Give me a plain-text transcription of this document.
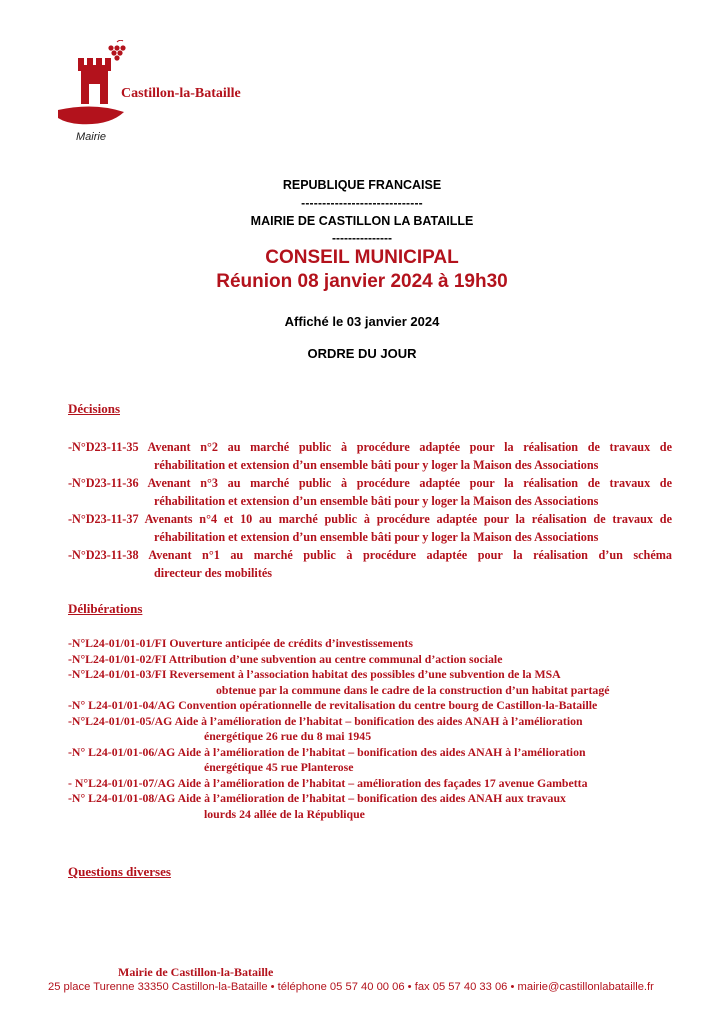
Castillon-la-Bataille
Mairie
REPUBLIQUE FRANCAISE
-----------------------------
MAIRIE DE CASTILLON LA BATAILLE
---------------
CONSEIL MUNICIPAL
Réunion 08 janvier 2024 à 19h30
Affiché le 03 janvier 2024
ORDRE DU JOUR
Décisions
-N°D23-11-35 Avenant n°2 au marché public à procédure adaptée pour la réalisation de travaux de
réhabilitation et extension d’un ensemble bâti pour y loger la Maison des Associations
-N°D23-11-36 Avenant n°3 au marché public à procédure adaptée pour la réalisation de travaux de
réhabilitation et extension d’un ensemble bâti pour y loger la Maison des Associations
-N°D23-11-37 Avenants n°4 et 10 au marché public à procédure adaptée pour la réalisation de travaux de
réhabilitation et extension d’un ensemble bâti pour y loger la Maison des Associations
-N°D23-11-38 Avenant n°1 au marché public à procédure adaptée pour la réalisation d’un schéma
directeur des mobilités
Délibérations
-N°L24-01/01-01/FI Ouverture anticipée de crédits d’investissements
-N°L24-01/01-02/FI Attribution d’une subvention au centre communal d’action sociale
-N°L24-01/01-03/FI Reversement à l’association habitat des possibles d’une subvention de la MSA
obtenue par la commune dans le cadre de la construction d’un habitat partagé
-N° L24-01/01-04/AG Convention opérationnelle de revitalisation du centre bourg de Castillon-la-Bataille
-N°L24-01/01-05/AG Aide à l’amélioration de l’habitat – bonification des aides ANAH à l’amélioration
énergétique 26 rue du 8 mai 1945
-N° L24-01/01-06/AG Aide à l’amélioration de l’habitat – bonification des aides ANAH à l’amélioration
énergétique 45 rue Planterose
- N°L24-01/01-07/AG Aide à l’amélioration de l’habitat – amélioration des façades 17 avenue Gambetta
-N° L24-01/01-08/AG Aide à l’amélioration de l’habitat – bonification des aides ANAH aux travaux
lourds 24 allée de la République
Questions diverses
Mairie de Castillon-la-Bataille
25 place Turenne 33350 Castillon-la-Bataille • téléphone 05 57 40 00 06 • fax 05 57 40 33 06 • mairie@castillonlabataille.fr
